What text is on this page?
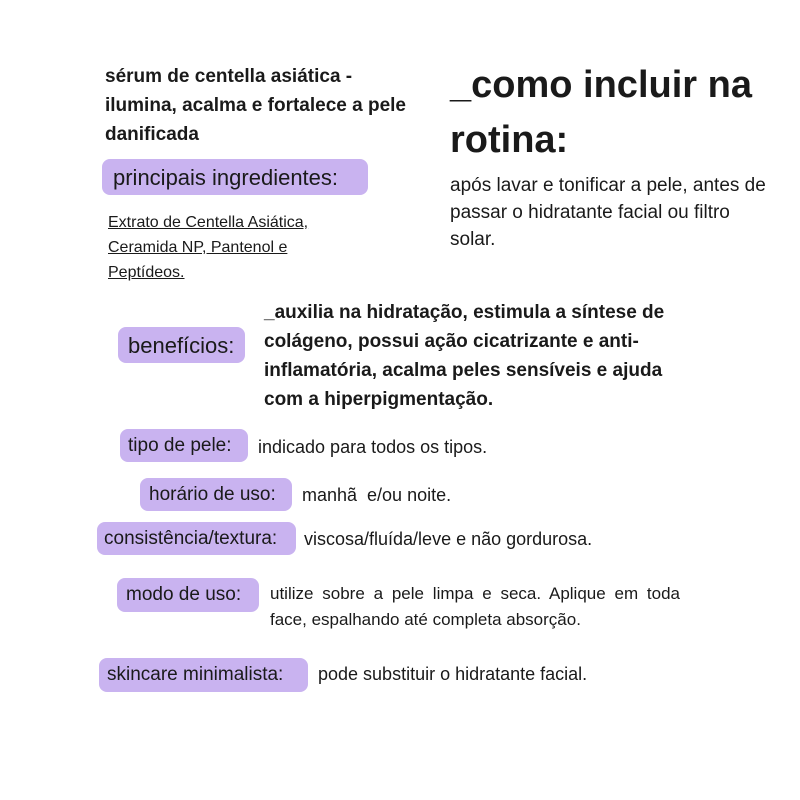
sérum de centella asiática - ilumina, acalma e fortalece a pele danificada
_como incluir na rotina:
após lavar e tonificar a pele, antes de passar o hidratante facial ou filtro solar.
principais ingredientes:
Extrato de Centella Asiática, Ceramida NP, Pantenol e Peptídeos.
benefícios:
_auxilia na hidratação, estimula a síntese de colágeno, possui ação cicatrizante e anti-inflamatória, acalma peles sensíveis e ajuda com a hiperpigmentação.
tipo de pele:	indicado para todos os tipos.
horário de uso:	manhã  e/ou noite.
consistência/textura:	viscosa/fluída/leve e não gordurosa.
modo de uso:	utilize sobre a pele limpa e seca. Aplique em toda face, espalhando até completa absorção.
skincare minimalista:	pode substituir o hidratante facial.
